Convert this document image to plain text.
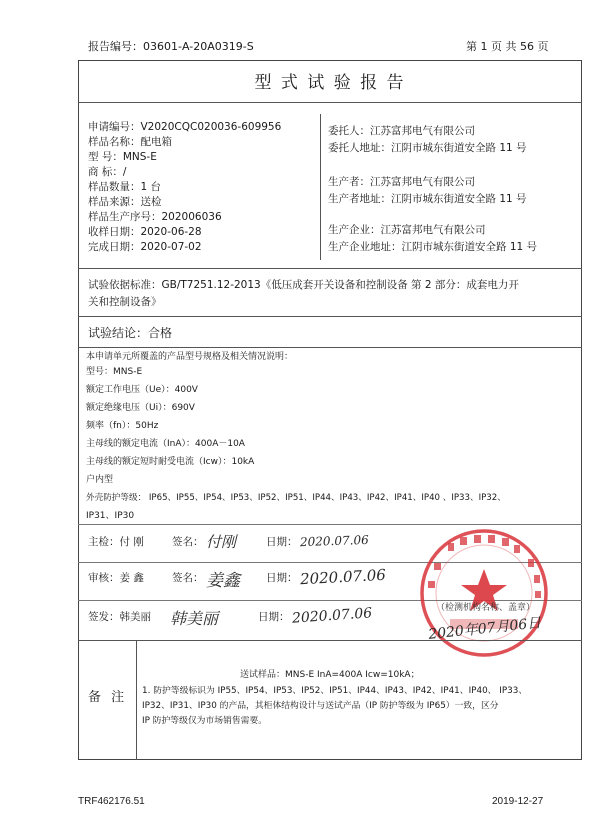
报告编号：03601-A-20A0319-S	第 1 页 共 56 页
型 式 试 验 报 告
申请编号：V2020CQC020036-609956
样品名称：配电箱
型 号：MNS-E
商 标：/
样品数量：1 台
样品来源：送检
样品生产序号：202006036
收样日期：2020-06-28
完成日期：2020-07-02
委托人：江苏富邦电气有限公司
委托人地址：江阴市城东街道安全路 11 号
生产者：江苏富邦电气有限公司
生产者地址：江阴市城东街道安全路 11 号
生产企业：江苏富邦电气有限公司
生产企业地址：江阴市城东街道安全路 11 号
试验依据标准：GB/T7251.12-2013《低压成套开关设备和控制设备 第 2 部分：成套电力开
关和控制设备》
试验结论：合格
本申请单元所覆盖的产品型号规格及相关情况说明：
型号：MNS-E
额定工作电压（Ue）：400V
额定绝缘电压（Ui）：690V
频率（fn）：50Hz
主母线的额定电流（InA）：400A－10A
主母线的额定短时耐受电流（Icw）：10kA
户内型
外壳防护等级： IP65、IP55、IP54、IP53、IP52、IP51、IP44、IP43、IP42、IP41、IP40 、IP33、IP32、
IP31、IP30
主检：付 刚	签名： 付刚	日期： 2020.07.06
审核：姜 鑫	签名： 姜鑫 日期： 2020.07.06
签发：韩美丽 韩美丽	日期： 2020.07.06	（检测机构名称、盖章）
2020年07月06日
备 注
送试样品：MNS-E InA=400A Icw=10kA；
1. 防护等级标识为 IP55、IP54、IP53、IP52、IP51、IP44、IP43、IP42、IP41、IP40、 IP33、
IP32、IP31、IP30 的产品，其柜体结构设计与送试产品（IP 防护等级为 IP65）一致，区分
IP 防护等级仅为市场销售需要。
TRF462176.51	2019-12-27
